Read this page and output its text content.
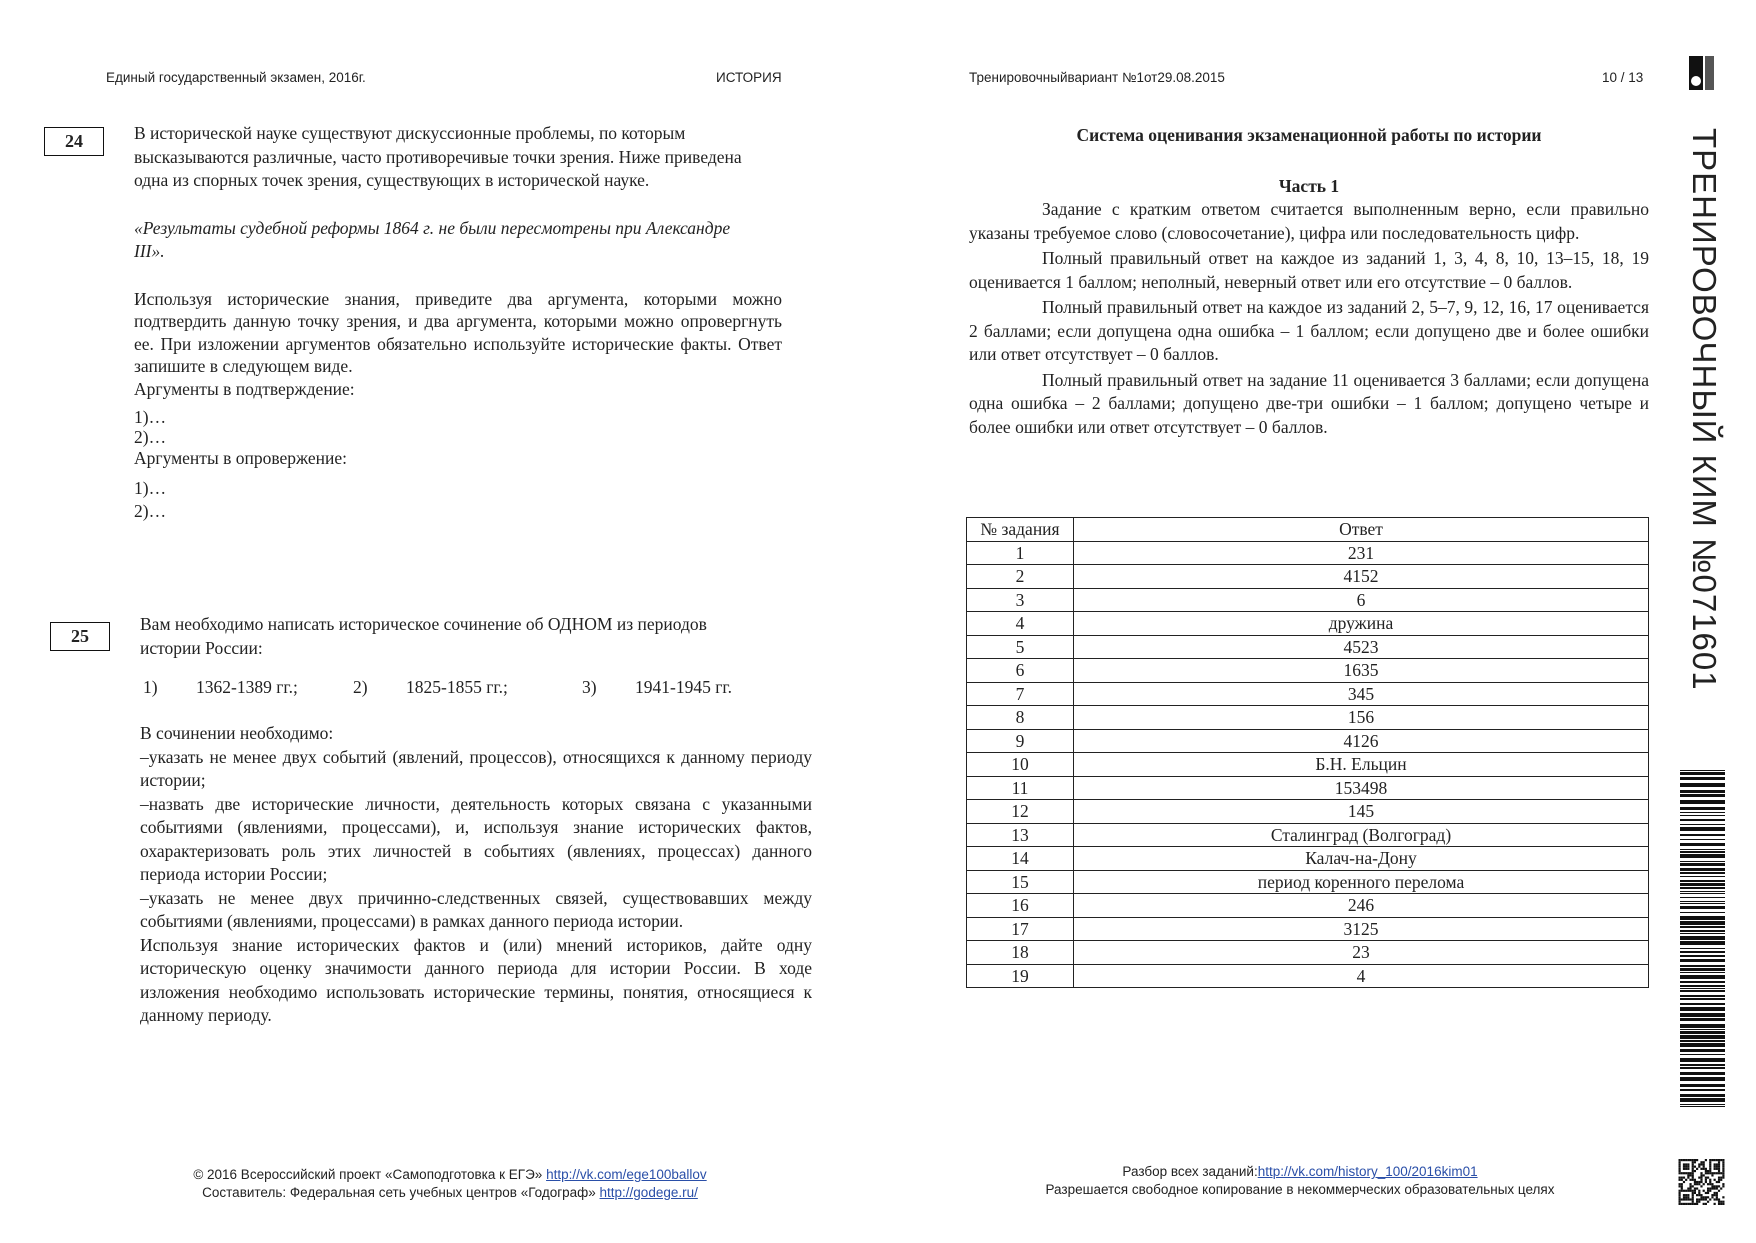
Единый государственный экзамен, 2016г.	ИСТОРИЯ	Тренировочныйвариант №1от29.08.2015	10 / 13
24	В исторической науке существуют дискуссионные проблемы, по которым высказываются различные, часто противоречивые точки зрения. Ниже приведена одна из спорных точек зрения, существующих в исторической науке.

«Результаты судебной реформы 1864 г. не были пересмотрены при Александре III».

Используя исторические знания, приведите два аргумента, которыми можно подтвердить данную точку зрения, и два аргумента, которыми можно опровергнуть ее. При изложении аргументов обязательно используйте исторические факты. Ответ запишите в следующем виде.

Аргументы в подтверждение:

1)…

2)…

Аргументы в опровержение:

1)…

2)…

25

Вам необходимо написать историческое сочинение об ОДНОМ из периодов истории России:

1) 1362-1389 гг.;	2) 1825-1855 гг.;	3) 1941-1945 гг.

В сочинении необходимо:

–указать не менее двух событий (явлений, процессов), относящихся к данному периоду истории;

–назвать две исторические личности, деятельность которых связана с указанными событиями (явлениями, процессами), и, используя знание исторических фактов, охарактеризовать роль этих личностей в событиях (явлениях, процессах) данного периода истории России;

–указать не менее двух причинно-следственных связей, существовавших между событиями (явлениями, процессами) в рамках данного периода истории.

Используя знание исторических фактов и (или) мнений историков, дайте одну историческую оценку значимости данного периода для истории России. В ходе изложения необходимо использовать исторические термины, понятия, относящиеся к данному периоду.

Система оценивания экзаменационной работы по истории

Часть 1

Задание с кратким ответом считается выполненным верно, если правильно указаны требуемое слово (словосочетание), цифра или последовательность цифр.

Полный правильный ответ на каждое из заданий 1, 3, 4, 8, 10, 13–15, 18, 19 оценивается 1 баллом; неполный, неверный ответ или его отсутствие – 0 баллов.

Полный правильный ответ на каждое из заданий 2, 5–7, 9, 12, 16, 17 оценивается 2 баллами; если допущена одна ошибка – 1 баллом; если допущено две и более ошибки или ответ отсутствует – 0 баллов.

Полный правильный ответ на задание 11 оценивается 3 баллами; если допущена одна ошибка – 2 баллами; допущено две-три ошибки – 1 баллом; допущено четыре и более ошибки или ответ отсутствует – 0 баллов.

№ задания	Ответ
1	231
2	4152
3	6
4	дружина
5	4523
6	1635
7	345
8	156
9	4126
10	Б.Н. Ельцин
11	153498
12	145
13	Сталинград (Волгоград)
14	Калач-на-Дону
15	период коренного перелома
16	246
17	3125
18	23
19	4
ТРЕНИРОВОЧНЫЙ КИМ №071601
© 2016 Всероссийский проект «Самоподготовка к ЕГЭ» http://vk.com/ege100ballov
Составитель: Федеральная сеть учебных центров «Годограф» http://godege.ru/
Разбор всех заданий:http://vk.com/history_100/2016kim01
Разрешается свободное копирование в некоммерческих образовательных целях
